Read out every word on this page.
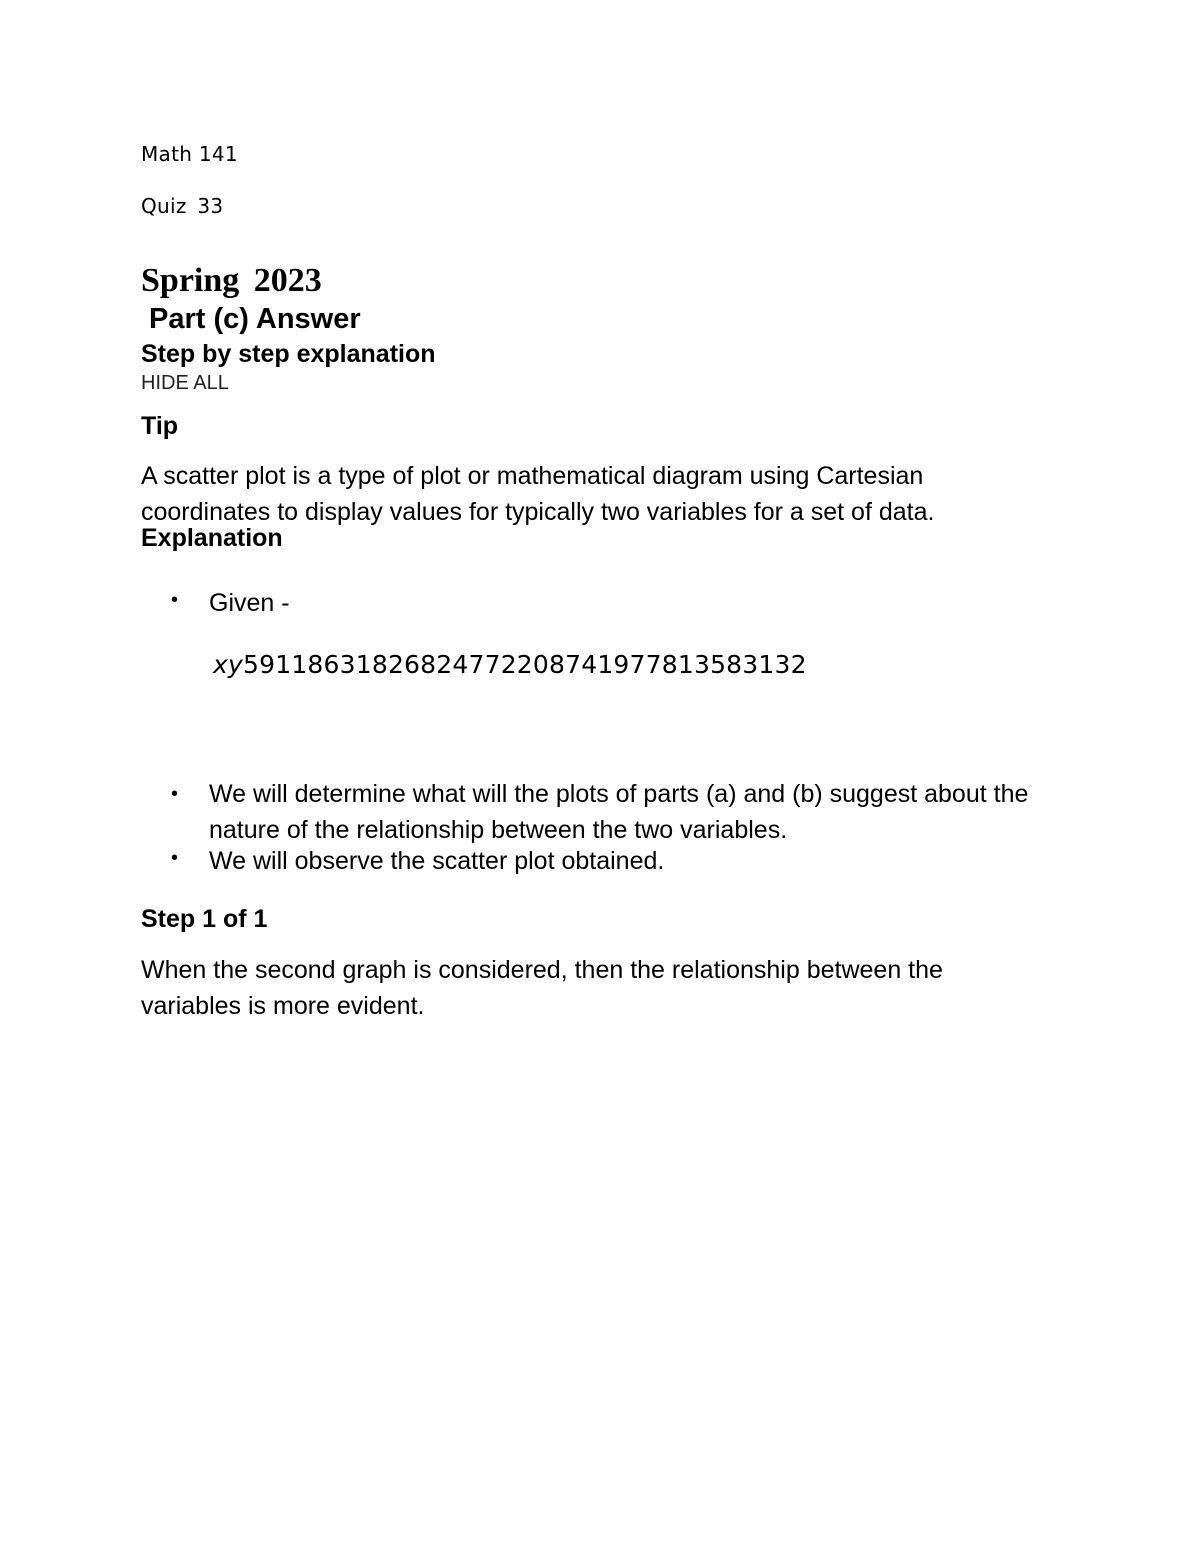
Math 141
Quiz 33
Spring 2023
Part (c) Answer
Step by step explanation
HIDE ALL
Tip
A scatter plot is a type of plot or mathematical diagram using Cartesian coordinates to display values for typically two variables for a set of data.
Explanation
• Given -
xy5911863182682477220874197781358313​2
• We will determine what will the plots of parts (a) and (b) suggest about the nature of the relationship between the two variables.
• We will observe the scatter plot obtained.
Step 1 of 1
When the second graph is considered, then the relationship between the variables is more evident.
